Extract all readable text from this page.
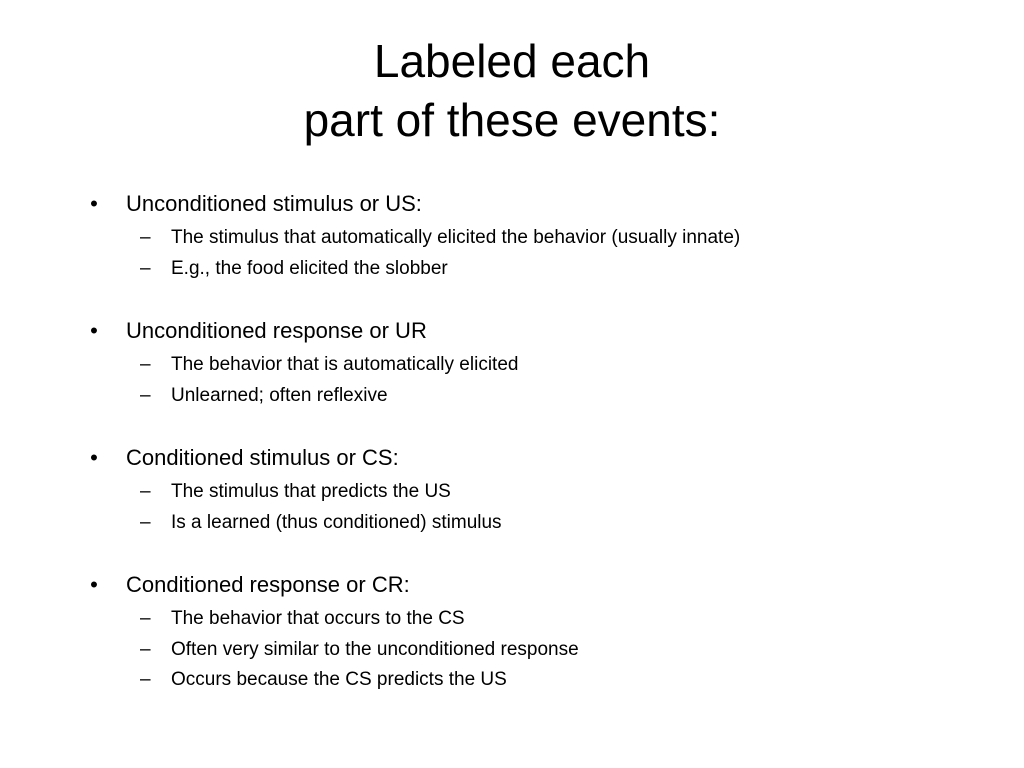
Labeled each
part of these events:
• Unconditioned stimulus or US:
– The stimulus that automatically elicited the behavior (usually innate)
– E.g., the food elicited the slobber
• Unconditioned response or UR
– The behavior that is automatically elicited
– Unlearned; often reflexive
• Conditioned stimulus or CS:
– The stimulus that predicts the US
– Is a learned (thus conditioned) stimulus
• Conditioned response or CR:
– The behavior that occurs to the CS
– Often very similar to the unconditioned response
– Occurs because the CS predicts the US
